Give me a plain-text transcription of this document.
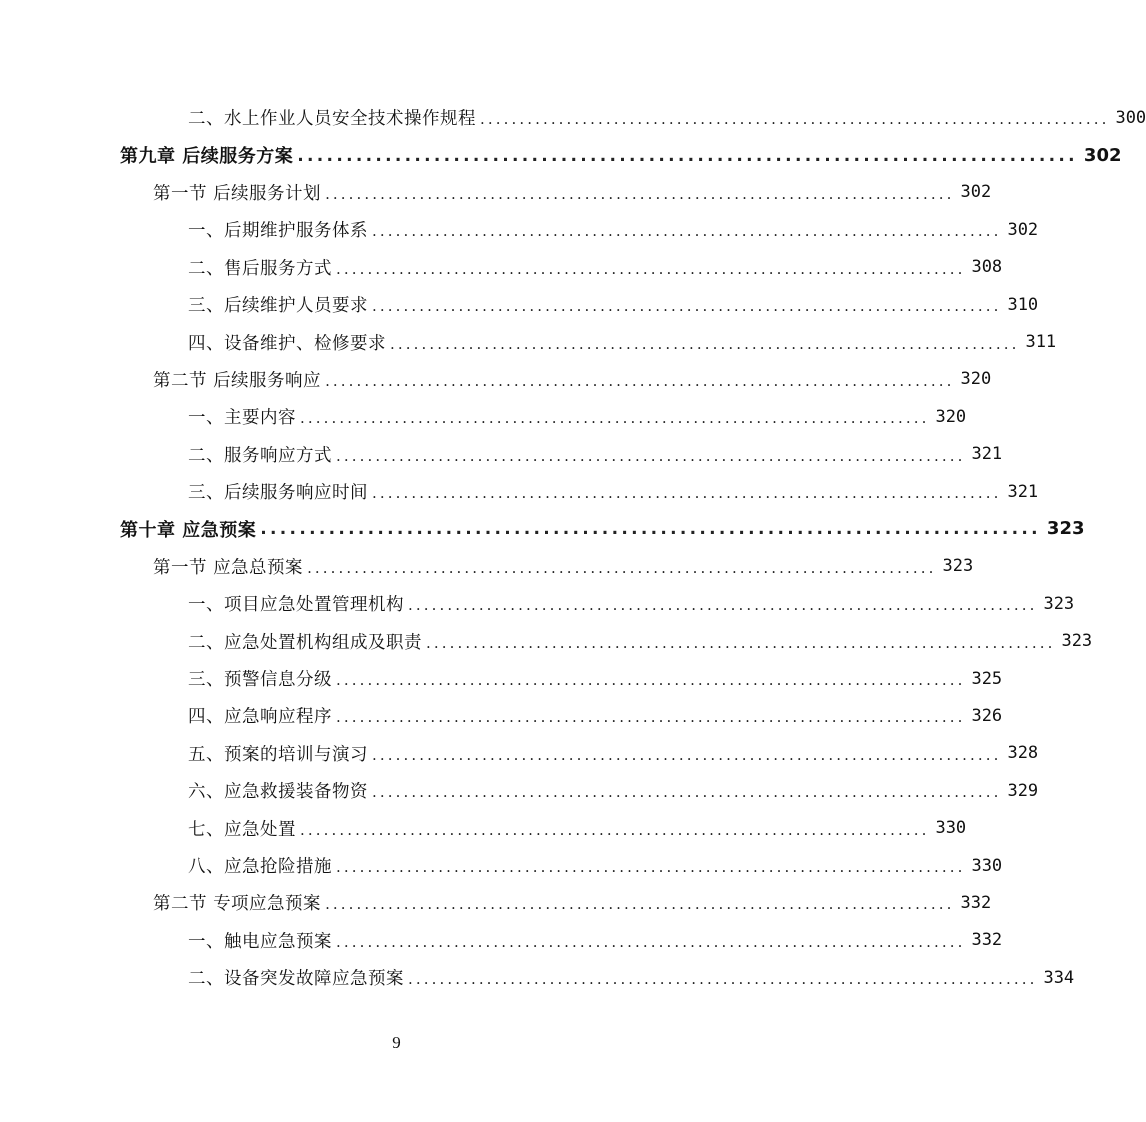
二、水上作业人员安全技术操作规程 ................................................................................ 300
第九章 后续服务方案 ................................................................................ 302
第一节 后续服务计划 ................................................................................ 302
一、后期维护服务体系 ................................................................................ 302
二、售后服务方式 ................................................................................ 308
三、后续维护人员要求 ................................................................................ 310
四、设备维护、检修要求 ................................................................................ 311
第二节 后续服务响应 ................................................................................ 320
一、主要内容 ................................................................................ 320
二、服务响应方式 ................................................................................ 321
三、后续服务响应时间 ................................................................................ 321
第十章 应急预案 ................................................................................ 323
第一节 应急总预案 ................................................................................ 323
一、项目应急处置管理机构 ................................................................................ 323
二、应急处置机构组成及职责 ................................................................................ 323
三、预警信息分级 ................................................................................ 325
四、应急响应程序 ................................................................................ 326
五、预案的培训与演习 ................................................................................ 328
六、应急救援装备物资 ................................................................................ 329
七、应急处置 ................................................................................ 330
八、应急抢险措施 ................................................................................ 330
第二节 专项应急预案 ................................................................................ 332
一、触电应急预案 ................................................................................ 332
二、设备突发故障应急预案 ................................................................................ 334
9
